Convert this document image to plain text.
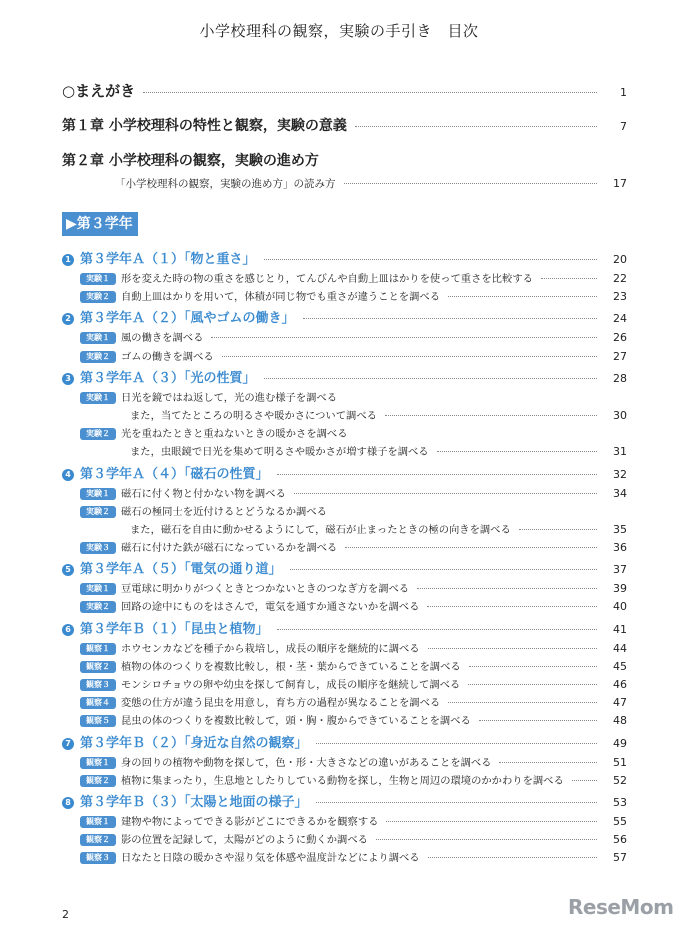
小学校理科の観察，実験の手引き　目次
○まえがき	1
第１章 小学校理科の特性と観察，実験の意義	7
第２章 小学校理科の観察，実験の進め方
「小学校理科の観察，実験の進め方」の読み方	17
▶第３学年
1 第３学年Ａ（１）「物と重さ」	20
実験１	形を変えた時の物の重さを感じとり，てんびんや自動上皿はかりを使って重さを比較する	22
実験２	自動上皿はかりを用いて，体積が同じ物でも重さが違うことを調べる	23
2 第３学年Ａ（２）「風やゴムの働き」	24
実験１	風の働きを調べる	26
実験２	ゴムの働きを調べる	27
3 第３学年Ａ（３）「光の性質」	28
実験１	日光を鏡ではね返して，光の進む様子を調べる
また，当てたところの明るさや暖かさについて調べる	30
実験２	光を重ねたときと重ねないときの暖かさを調べる
また，虫眼鏡で日光を集めて明るさや暖かさが増す様子を調べる	31
4 第３学年Ａ（４）「磁石の性質」	32
実験１	磁石に付く物と付かない物を調べる	34
実験２	磁石の極同士を近付けるとどうなるか調べる
また，磁石を自由に動かせるようにして，磁石が止まったときの極の向きを調べる	35
実験３	磁石に付けた鉄が磁石になっているかを調べる	36
5 第３学年Ａ（５）「電気の通り道」	37
実験１	豆電球に明かりがつくときとつかないときのつなぎ方を調べる	39
実験２	回路の途中にものをはさんで，電気を通すか通さないかを調べる	40
6 第３学年Ｂ（１）「昆虫と植物」	41
観察１	ホウセンカなどを種子から栽培し，成長の順序を継続的に調べる	44
観察２	植物の体のつくりを複数比較し，根・茎・葉からできていることを調べる	45
観察３	モンシロチョウの卵や幼虫を探して飼育し，成長の順序を継続して調べる	46
観察４	変態の仕方が違う昆虫を用意し，育ち方の過程が異なることを調べる	47
観察５	昆虫の体のつくりを複数比較して，頭・胸・腹からできていることを調べる	48
7 第３学年Ｂ（２）「身近な自然の観察」	49
観察１	身の回りの植物や動物を探して，色・形・大きさなどの違いがあることを調べる	51
観察２	植物に集まったり，生息地としたりしている動物を探し，生物と周辺の環境のかかわりを調べる	52
8 第３学年Ｂ（３）「太陽と地面の様子」	53
観察１	建物や物によってできる影がどこにできるかを観察する	55
観察２	影の位置を記録して，太陽がどのように動くか調べる	56
観察３	日なたと日陰の暖かさや湿り気を体感や温度計などにより調べる	57
2	ReseMom
